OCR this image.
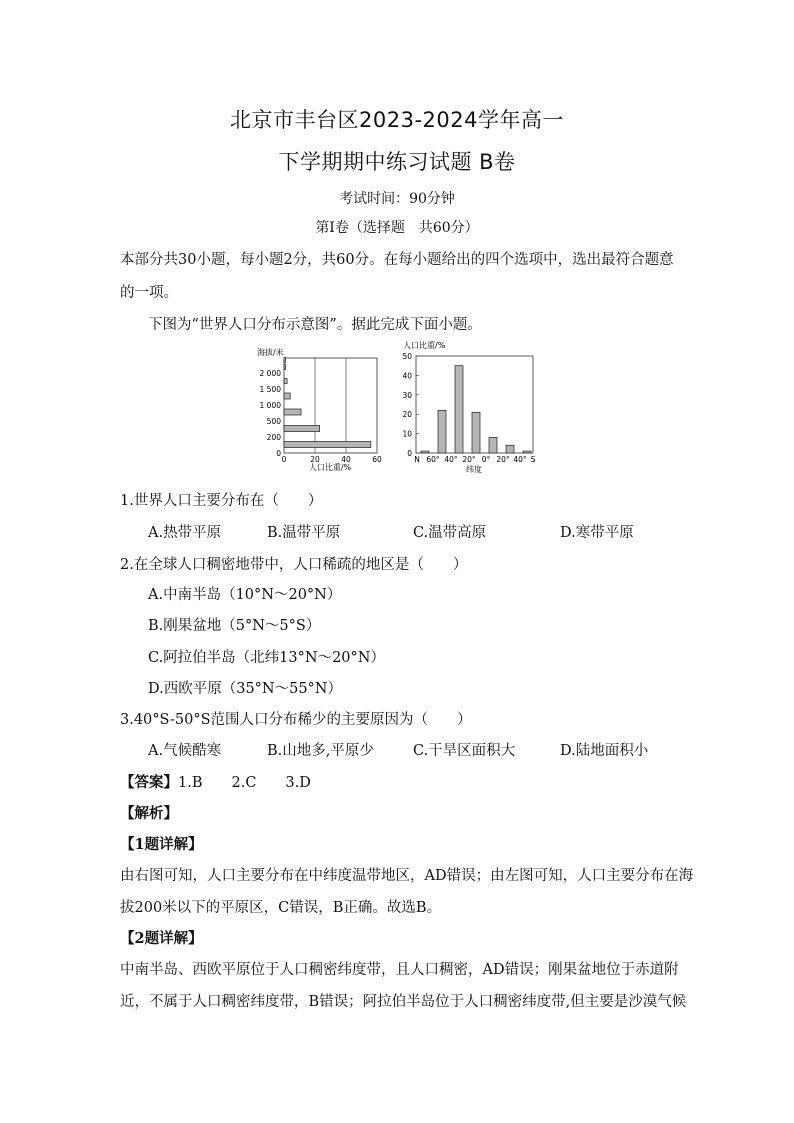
北京市丰台区2023-2024学年高一
下学期期中练习试题 B卷
考试时间：90分钟
第Ⅰ卷（选择题　共60分）
本部分共30小题，每小题2分，共60分。在每小题给出的四个选项中，选出最符合题意
的一项。
下图为“世界人口分布示意图”。据此完成下面小题。
海拔/米
2 000
1 500
1 000
500
200
0
0	20	40	60
人口比重/%
人口比重/%
50
40
30
20
10
0
N 60° 40° 20° 0° 20° 40° S
纬度
1.世界人口主要分布在（　　）
A.热带平原	B.温带平原	C.温带高原	D.寒带平原
2.在全球人口稠密地带中，人口稀疏的地区是（　　）
A.中南半岛（10°N～20°N）
B.刚果盆地（5°N～5°S）
C.阿拉伯半岛（北纬13°N～20°N）
D.西欧平原（35°N～55°N）
3.40°S-50°S范围人口分布稀少的主要原因为（　　）
A.气候酷寒	B.山地多,平原少	C.干旱区面积大	D.陆地面积小
【答案】1.B　　2.C　　3.D
【解析】
【1题详解】
由右图可知，人口主要分布在中纬度温带地区，AD错误；由左图可知，人口主要分布在海
拔200米以下的平原区，C错误，B正确。故选B。
【2题详解】
中南半岛、西欧平原位于人口稠密纬度带，且人口稠密，AD错误；刚果盆地位于赤道附
近，不属于人口稠密纬度带，B错误；阿拉伯半岛位于人口稠密纬度带,但主要是沙漠气候
